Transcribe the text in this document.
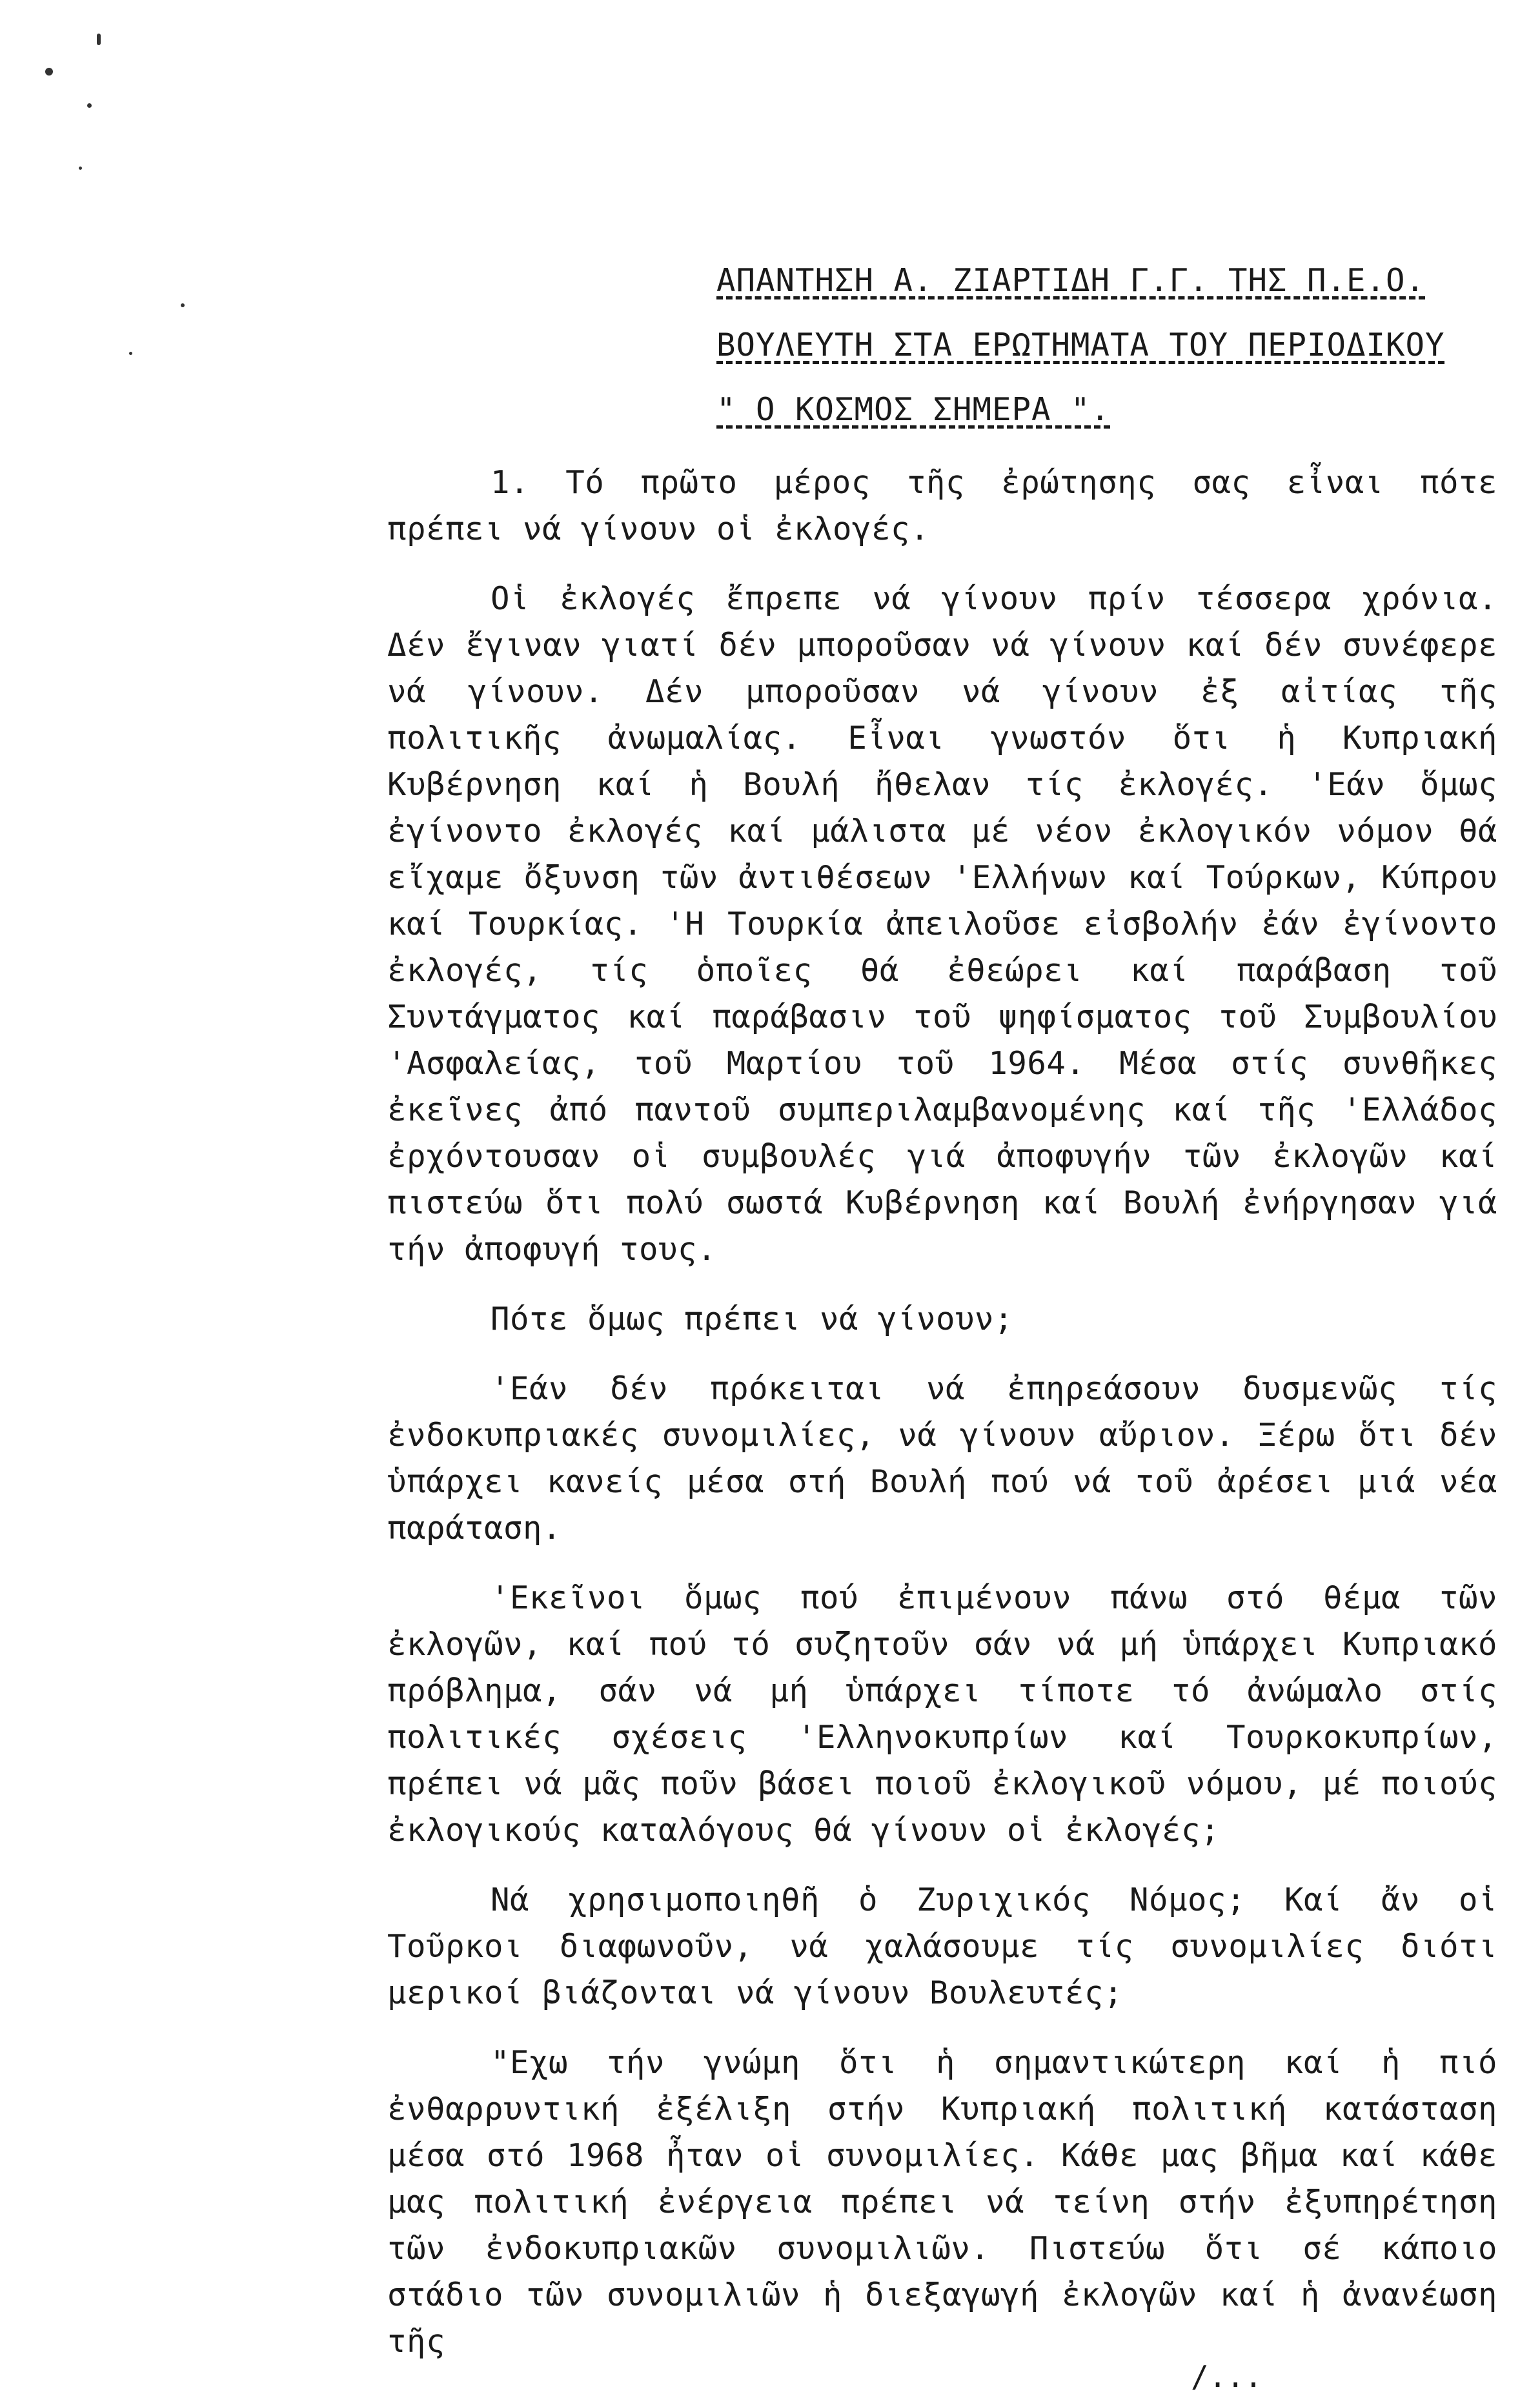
ΑΠΑΝΤΗΣΗ Α. ΖΙΑΡΤΙΔΗ Γ.Γ. ΤΗΣ Π.Ε.Ο.
ΒΟΥΛΕΥΤΗ ΣΤΑ ΕΡΩΤΗΜΑΤΑ ΤΟΥ ΠΕΡΙΟΔΙΚΟΥ
" Ο ΚΟΣΜΟΣ ΣΗΜΕΡΑ ".

1. Τό πρῶτο μέρος τῆς ἐρώτησης σας εἶναι πότε πρέπει νά γίνουν οἱ ἐκλογές.

Οἱ ἐκλογές ἔπρεπε νά γίνουν πρίν τέσσερα χρόνια. Δέν ἔγιναν γιατί δέν μποροῦσαν νά γίνουν καί δέν συνέφερε νά γίνουν. Δέν μποροῦσαν νά γίνουν ἐξ αἰτίας τῆς πολιτικῆς ἀνωμαλίας. Εἶναι γνωστόν ὅτι ἡ Κυπριακή Κυβέρνηση καί ἡ Βουλή ἤθελαν τίς ἐκλογές. 'Εάν ὅμως ἐγίνοντο ἐκλογές καί μάλιστα μέ νέον ἐκλογικόν νόμον θά εἴχαμε ὄξυνση τῶν ἀντιθέσεων 'Ελλήνων καί Τούρκων, Κύπρου καί Τουρκίας. 'Η Τουρκία ἀπειλοῦσε εἰσβολήν ἐάν ἐγίνοντο ἐκλογές, τίς ὁποῖες θά ἐθεώρει καί παράβαση τοῦ Συντάγματος καί παράβασιν τοῦ ψηφίσματος τοῦ Συμβουλίου 'Ασφαλείας, τοῦ Μαρτίου τοῦ 1964. Μέσα στίς συνθῆκες ἐκεῖνες ἀπό παντοῦ συμπεριλαμβανομένης καί τῆς 'Ελλάδος ἐρχόντουσαν οἱ συμβουλές γιά ἀποφυγήν τῶν ἐκλογῶν καί πιστεύω ὅτι πολύ σωστά Κυβέρνηση καί Βουλή ἐνήργησαν γιά τήν ἀποφυγή τους.

Πότε ὅμως πρέπει νά γίνουν;

'Εάν δέν πρόκειται νά ἐπηρεάσουν δυσμενῶς τίς ἐνδοκυπριακές συνομιλίες, νά γίνουν αὔριον. Ξέρω ὅτι δέν ὑπάρχει κανείς μέσα στή Βουλή πού νά τοῦ ἀρέσει μιά νέα παράταση.

'Εκεῖνοι ὅμως πού ἐπιμένουν πάνω στό θέμα τῶν ἐκλογῶν, καί πού τό συζητοῦν σάν νά μή ὑπάρχει Κυπριακό πρόβλημα, σάν νά μή ὑπάρχει τίποτε τό ἀνώμαλο στίς πολιτικές σχέσεις 'Ελληνοκυπρίων καί Τουρκοκυπρίων, πρέπει νά μᾶς ποῦν βάσει ποιοῦ ἐκλογικοῦ νόμου, μέ ποιούς ἐκλογικούς καταλόγους θά γίνουν οἱ ἐκλογές;

Νά χρησιμοποιηθῆ ὁ Ζυριχικός Νόμος; Καί ἄν οἱ Τοῦρκοι διαφωνοῦν, νά χαλάσουμε τίς συνομιλίες διότι μερικοί βιάζονται νά γίνουν Βουλευτές;

"Εχω τήν γνώμη ὅτι ἡ σημαντικώτερη καί ἡ πιό ἐνθαρρυντική ἐξέλιξη στήν Κυπριακή πολιτική κατάσταση μέσα στό 1968 ἦταν οἱ συνομιλίες. Κάθε μας βῆμα καί κάθε μας πολιτική ἐνέργεια πρέπει νά τείνη στήν ἐξυπηρέτηση τῶν ἐνδοκυπριακῶν συνομιλιῶν. Πιστεύω ὅτι σέ κάποιο στάδιο τῶν συνομιλιῶν ἡ διεξαγωγή ἐκλογῶν καί ἡ ἀνανέωση τῆς

/...
